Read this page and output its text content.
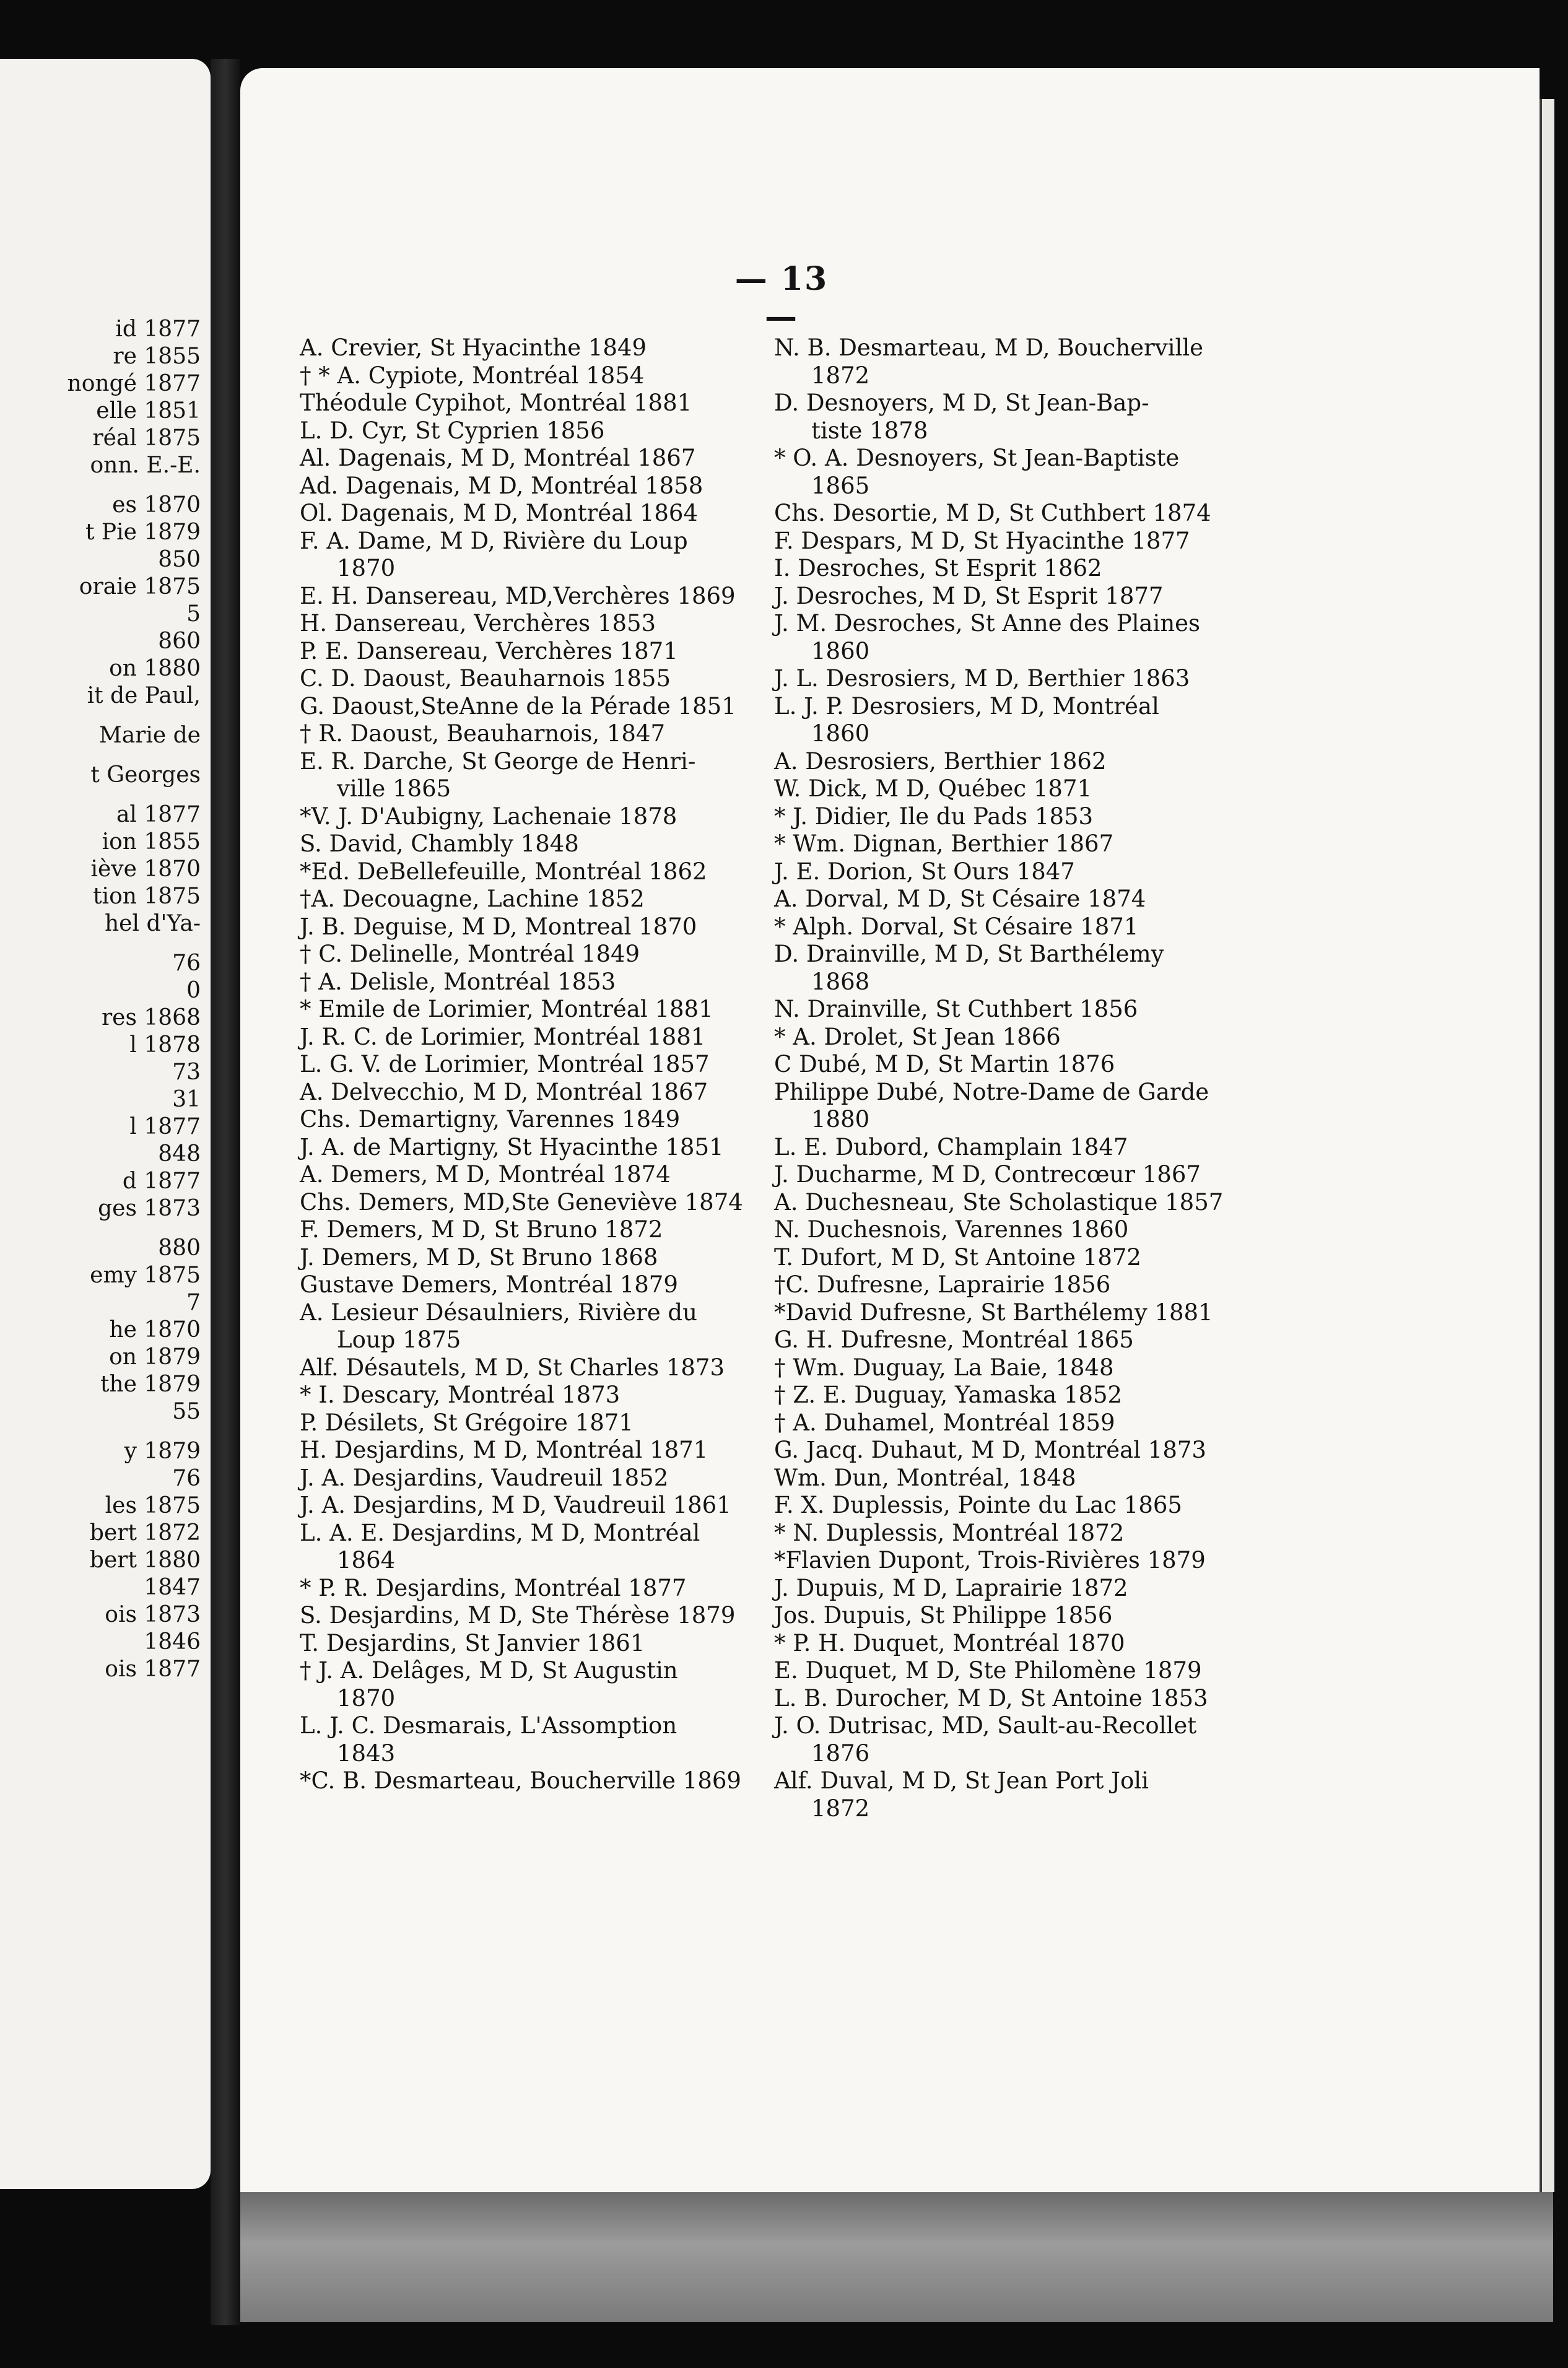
id 1877
re 1855
nongé 1877
elle 1851
réal 1875
onn. E.-E.
es 1870
t Pie 1879
850
oraie 1875
5
860
on 1880
it de Paul,
Marie de
t Georges
al 1877
ion 1855
iève 1870
tion 1875
hel d'Ya-
76
0
res 1868
l 1878
73
31
l 1877
848
d 1877
ges 1873
880
emy 1875
7
he 1870
on 1879
the 1879
55
y 1879
76
les 1875
bert 1872
bert 1880
1847
ois 1873
1846
ois 1877
— 13 —
A. Crevier, St Hyacinthe 1849
† * A. Cypiote, Montréal 1854
Théodule Cypihot, Montréal 1881
L. D. Cyr, St Cyprien 1856
Al. Dagenais, M D, Montréal 1867
Ad. Dagenais, M D, Montréal 1858
Ol. Dagenais, M D, Montréal 1864
F. A. Dame, M D, Rivière du Loup
1870
E. H. Dansereau, MD,Verchères 1869
H. Dansereau, Verchères 1853
P. E. Dansereau, Verchères 1871
C. D. Daoust, Beauharnois 1855
G. Daoust,SteAnne de la Pérade 1851
† R. Daoust, Beauharnois, 1847
E. R. Darche, St George de Henri-
ville 1865
*V. J. D'Aubigny, Lachenaie 1878
S. David, Chambly 1848
*Ed. DeBellefeuille, Montréal 1862
†A. Decouagne, Lachine 1852
J. B. Deguise, M D, Montreal 1870
† C. Delinelle, Montréal 1849
† A. Delisle, Montréal 1853
* Emile de Lorimier, Montréal 1881
J. R. C. de Lorimier, Montréal 1881
L. G. V. de Lorimier, Montréal 1857
A. Delvecchio, M D, Montréal 1867
Chs. Demartigny, Varennes 1849
J. A. de Martigny, St Hyacinthe 1851
A. Demers, M D, Montréal 1874
Chs. Demers, MD,Ste Geneviève 1874
F. Demers, M D, St Bruno 1872
J. Demers, M D, St Bruno 1868
Gustave Demers, Montréal 1879
A. Lesieur Désaulniers, Rivière du
Loup 1875
Alf. Désautels, M D, St Charles 1873
* I. Descary, Montréal 1873
P. Désilets, St Grégoire 1871
H. Desjardins, M D, Montréal 1871
J. A. Desjardins, Vaudreuil 1852
J. A. Desjardins, M D, Vaudreuil 1861
L. A. E. Desjardins, M D, Montréal
1864
* P. R. Desjardins, Montréal 1877
S. Desjardins, M D, Ste Thérèse 1879
T. Desjardins, St Janvier 1861
† J. A. Delâges, M D, St Augustin
1870
L. J. C. Desmarais, L'Assomption
1843
*C. B. Desmarteau, Boucherville 1869
N. B. Desmarteau, M D, Boucherville
1872
D. Desnoyers, M D, St Jean-Bap-
tiste 1878
* O. A. Desnoyers, St Jean-Baptiste
1865
Chs. Desortie, M D, St Cuthbert 1874
F. Despars, M D, St Hyacinthe 1877
I. Desroches, St Esprit 1862
J. Desroches, M D, St Esprit 1877
J. M. Desroches, St Anne des Plaines
1860
J. L. Desrosiers, M D, Berthier 1863
L. J. P. Desrosiers, M D, Montréal
1860
A. Desrosiers, Berthier 1862
W. Dick, M D, Québec 1871
* J. Didier, Ile du Pads 1853
* Wm. Dignan, Berthier 1867
J. E. Dorion, St Ours 1847
A. Dorval, M D, St Césaire 1874
* Alph. Dorval, St Césaire 1871
D. Drainville, M D, St Barthélemy
1868
N. Drainville, St Cuthbert 1856
* A. Drolet, St Jean 1866
C Dubé, M D, St Martin 1876
Philippe Dubé, Notre-Dame de Garde
1880
L. E. Dubord, Champlain 1847
J. Ducharme, M D, Contrecœur 1867
A. Duchesneau, Ste Scholastique 1857
N. Duchesnois, Varennes 1860
T. Dufort, M D, St Antoine 1872
†C. Dufresne, Laprairie 1856
*David Dufresne, St Barthélemy 1881
G. H. Dufresne, Montréal 1865
† Wm. Duguay, La Baie, 1848
† Z. E. Duguay, Yamaska 1852
† A. Duhamel, Montréal 1859
G. Jacq. Duhaut, M D, Montréal 1873
Wm. Dun, Montréal, 1848
F. X. Duplessis, Pointe du Lac 1865
* N. Duplessis, Montréal 1872
*Flavien Dupont, Trois-Rivières 1879
J. Dupuis, M D, Laprairie 1872
Jos. Dupuis, St Philippe 1856
* P. H. Duquet, Montréal 1870
E. Duquet, M D, Ste Philomène 1879
L. B. Durocher, M D, St Antoine 1853
J. O. Dutrisac, MD, Sault-au-Recollet
1876
Alf. Duval, M D, St Jean Port Joli
1872
